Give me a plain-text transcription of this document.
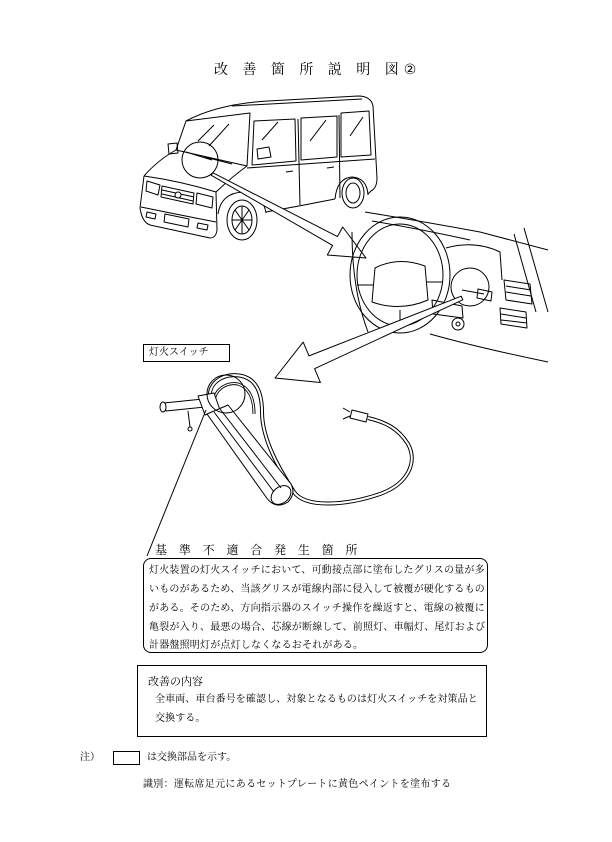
改 善 箇 所 説 明 図②
灯火スイッチ
基 準 不 適 合 発 生 箇 所
灯火装置の灯火スイッチにおいて、可動接点部に塗布したグリスの量が多
いものがあるため、当該グリスが電線内部に侵入して被覆が硬化するもの
がある。そのため、方向指示器のスイッチ操作を繰返すと、電線の被覆に
亀裂が入り、最悪の場合、芯線が断線して、前照灯、車幅灯、尾灯および
計器盤照明灯が点灯しなくなるおそれがある。
改善の内容
全車両、車台番号を確認し、対象となるものは灯火スイッチを対策品と
交換する。
注）	は交換部品を示す。
識別：運転席足元にあるセットプレートに黄色ペイントを塗布する
